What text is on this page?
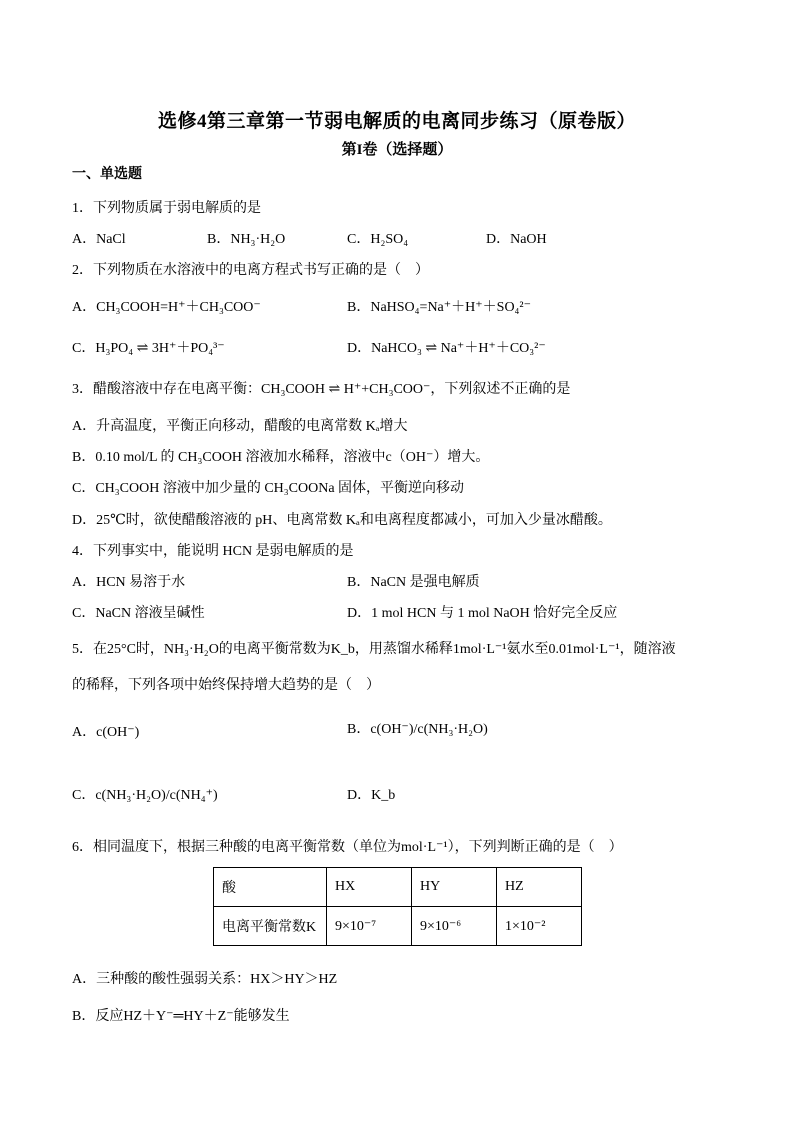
选修4第三章第一节弱电解质的电离同步练习（原卷版）
第I卷（选择题）
一、单选题
1．下列物质属于弱电解质的是
A．NaCl	B．NH₃·H₂O	C．H₂SO₄	D．NaOH
2．下列物质在水溶液中的电离方程式书写正确的是（　）
A．CH₃COOH=H⁺＋CH₃COO⁻	B．NaHSO₄=Na⁺＋H⁺＋SO₄²⁻
C．H₃PO₄ ⇌ 3H⁺＋PO₄³⁻	D．NaHCO₃ ⇌ Na⁺＋H⁺＋CO₃²⁻
3．醋酸溶液中存在电离平衡：CH₃COOH ⇌ H⁺+CH₃COO⁻，下列叙述不正确的是
A．升高温度，平衡正向移动，醋酸的电离常数 Kₐ增大
B．0.10 mol/L 的 CH₃COOH 溶液加水稀释，溶液中c（OH⁻）增大。
C．CH₃COOH 溶液中加少量的 CH₃COONa 固体，平衡逆向移动
D．25℃时，欲使醋酸溶液的 pH、电离常数 Kₐ和电离程度都减小，可加入少量冰醋酸。
4．下列事实中，能说明 HCN 是弱电解质的是
A．HCN 易溶于水	B．NaCN 是强电解质
C．NaCN 溶液呈碱性	D．1 mol HCN 与 1 mol NaOH 恰好完全反应
5．在25°C时，NH₃·H₂O的电离平衡常数为K_b，用蒸馏水稀释1mol·L⁻¹氨水至0.01mol·L⁻¹，随溶液
的稀释，下列各项中始终保持增大趋势的是（　）
A．c(OH⁻)	B．c(OH⁻)/c(NH₃·H₂O)
C．c(NH₃·H₂O)/c(NH₄⁺)	D．K_b
6．相同温度下，根据三种酸的电离平衡常数（单位为mol·L⁻¹），下列判断正确的是（　）
酸	HX	HY	HZ
电离平衡常数K	9×10⁻⁷	9×10⁻⁶	1×10⁻²
A．三种酸的酸性强弱关系：HX＞HY＞HZ
B．反应HZ＋Y⁻═HY＋Z⁻能够发生
